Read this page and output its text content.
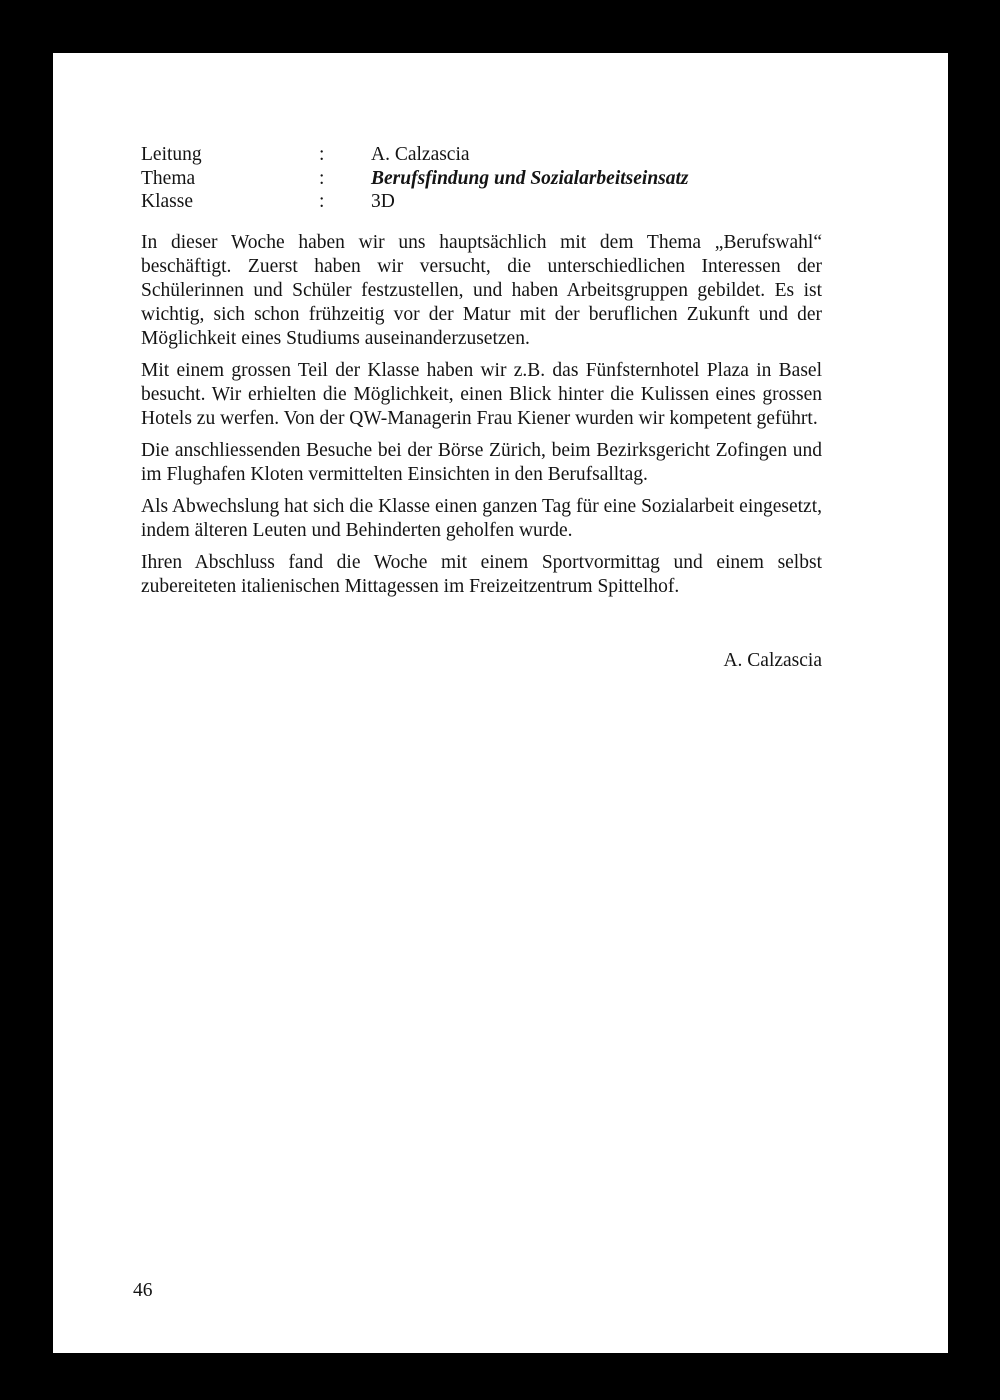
Leitung	:	A. Calzascia
Thema	:	Berufsfindung und Sozialarbeitseinsatz
Klasse	:	3D

In dieser Woche haben wir uns hauptsächlich mit dem Thema „Berufswahl“ beschäftigt. Zuerst haben wir versucht, die unterschiedlichen Interessen der Schülerinnen und Schüler festzustellen, und haben Arbeitsgruppen gebildet. Es ist wichtig, sich schon frühzeitig vor der Matur mit der beruflichen Zukunft und der Möglichkeit eines Studiums auseinanderzusetzen.

Mit einem grossen Teil der Klasse haben wir z.B. das Fünfsternhotel Plaza in Basel besucht. Wir erhielten die Möglichkeit, einen Blick hinter die Kulissen eines grossen Hotels zu werfen. Von der QW-Managerin Frau Kiener wurden wir kompetent geführt.

Die anschliessenden Besuche bei der Börse Zürich, beim Bezirksgericht Zofingen und im Flughafen Kloten vermittelten Einsichten in den Berufsalltag.

Als Abwechslung hat sich die Klasse einen ganzen Tag für eine Sozialarbeit eingesetzt, indem älteren Leuten und Behinderten geholfen wurde.

Ihren Abschluss fand die Woche mit einem Sportvormittag und einem selbst zubereiteten italienischen Mittagessen im Freizeitzentrum Spittelhof.

A. Calzascia
46
